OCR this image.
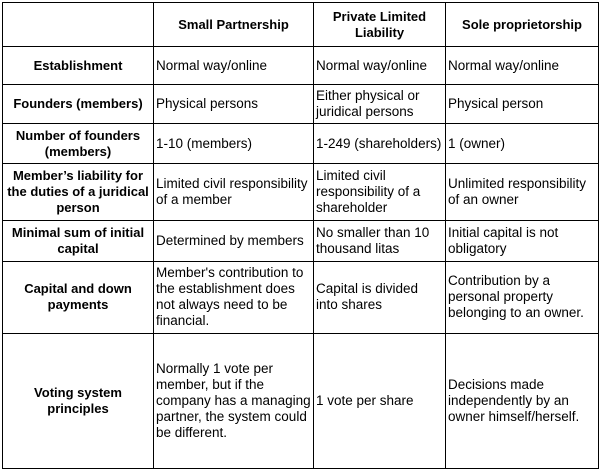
	Small Partnership	Private Limited Liability	Sole proprietorship
Establishment	Normal way/online	Normal way/online	Normal way/online
Founders (members)	Physical persons	Either physical or juridical persons	Physical person
Number of founders (members)	1-10 (members)	1-249 (shareholders)	1 (owner)
Member’s liability for the duties of a juridical person	Limited civil responsibility of a member	Limited civil responsibility of a shareholder	Unlimited responsibility of an owner
Minimal sum of initial capital	Determined by members	No smaller than 10 thousand litas	Initial capital is not obligatory
Capital and down payments	Member's contribution to the establishment does not always need to be financial.	Capital is divided into shares	Contribution by a personal property belonging to an owner.
Voting system principles	Normally 1 vote per member, but if the company has a managing partner, the system could be different.	1 vote per share	Decisions made independently by an owner himself/herself.
